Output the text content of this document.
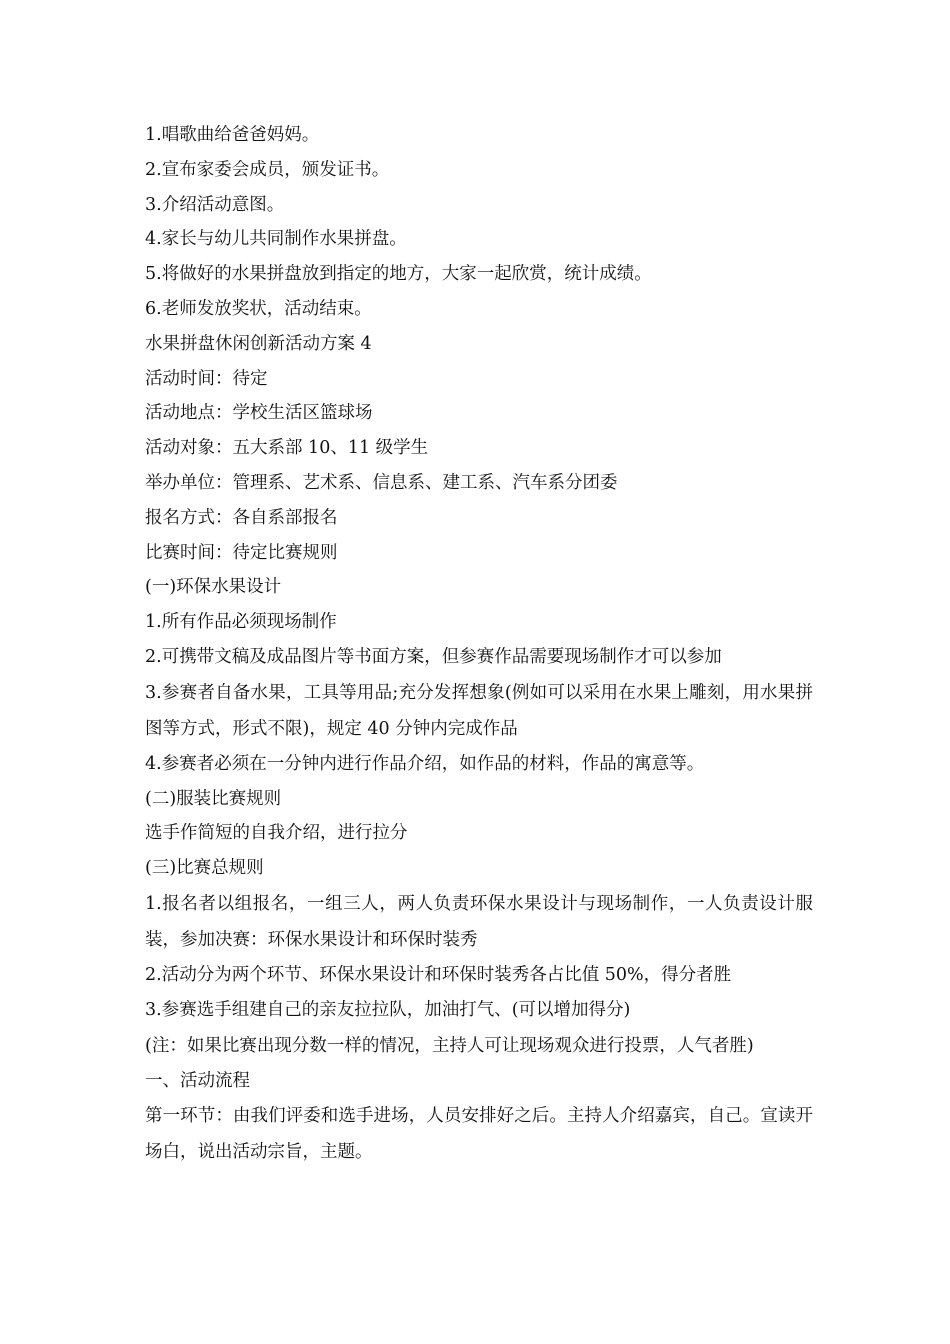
1.唱歌曲给爸爸妈妈。
2.宣布家委会成员，颁发证书。
3.介绍活动意图。
4.家长与幼儿共同制作水果拼盘。
5.将做好的水果拼盘放到指定的地方，大家一起欣赏，统计成绩。
6.老师发放奖状，活动结束。
水果拼盘休闲创新活动方案 4
活动时间：待定
活动地点：学校生活区篮球场
活动对象：五大系部 10、11 级学生
举办单位：管理系、艺术系、信息系、建工系、汽车系分团委
报名方式：各自系部报名
比赛时间：待定比赛规则
(一)环保水果设计
1.所有作品必须现场制作
2.可携带文稿及成品图片等书面方案，但参赛作品需要现场制作才可以参加
3.参赛者自备水果，工具等用品;充分发挥想象(例如可以采用在水果上雕刻，用水果拼图等方式，形式不限)，规定 40 分钟内完成作品
4.参赛者必须在一分钟内进行作品介绍，如作品的材料，作品的寓意等。
(二)服装比赛规则
选手作简短的自我介绍，进行拉分
(三)比赛总规则
1.报名者以组报名，一组三人，两人负责环保水果设计与现场制作，一人负责设计服装，参加决赛：环保水果设计和环保时装秀
2.活动分为两个环节、环保水果设计和环保时装秀各占比值 50%，得分者胜
3.参赛选手组建自己的亲友拉拉队，加油打气、(可以增加得分)
(注：如果比赛出现分数一样的情况，主持人可让现场观众进行投票，人气者胜)
一、活动流程
第一环节：由我们评委和选手进场，人员安排好之后。主持人介绍嘉宾，自己。宣读开场白，说出活动宗旨，主题。
